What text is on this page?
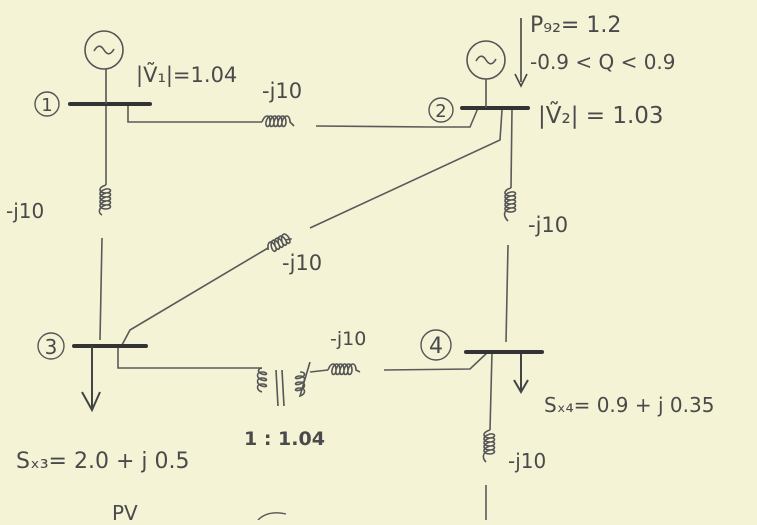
1	2
3	4
|Ṽ₁|=1.04
|Ṽ₂| = 1.03
P₉₂= 1.2
-0.9 < Q < 0.9
-j10
-j10
-j10
-j10
-j10
-j10
1 : 1.04
Sₓ₃= 2.0 + j 0.5
Sₓ₄= 0.9 + j 0.35
PV
